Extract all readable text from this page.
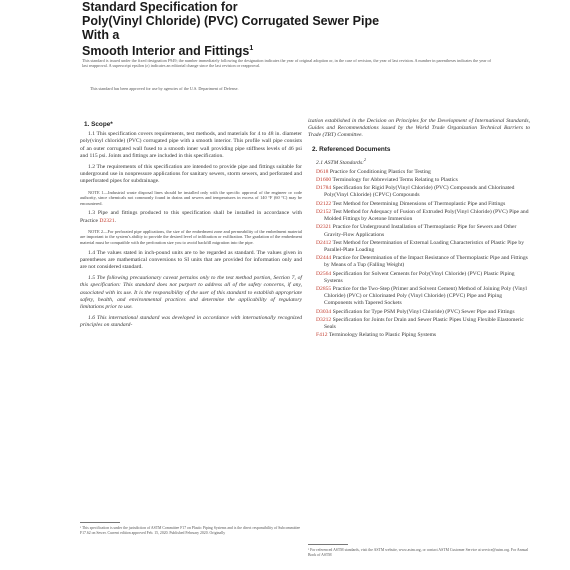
Standard Specification for
Poly(Vinyl Chloride) (PVC) Corrugated Sewer Pipe With a
Smooth Interior and Fittings$^1$
This standard is issued under the fixed designation F949; the number immediately following the designation indicates the year of original adoption or, in the case of revision, the year of last revision. A number in parentheses indicates the year of last reapproval. A superscript epsilon (ε) indicates an editorial change since the last revision or reapproval.
This standard has been approved for use by agencies of the U.S. Department of Defense.
1. Scope*

1.1 This specification covers requirements, test methods, and materials for 4 to 48 in. diameter poly(vinyl chloride) (PVC) corrugated pipe with a smooth interior. This profile wall pipe consists of an outer corrugated wall fused to a smooth inner wall providing pipe stiffness levels of 46 psi and 115 psi. Joints and fittings are included in this specification.

1.2 The requirements of this specification are intended to provide pipe and fittings suitable for underground use in nonpressure applications for sanitary sewers, storm sewers, and perforated and unperforated pipes for subdrainage.

NOTE 1—Industrial waste disposal lines should be installed only with the specific approval of the engineer or code authority, since chemicals not commonly found in drains and sewers and temperatures in excess of 140 °F (60 °C) may be encountered.

1.3 Pipe and fittings produced to this specification shall be installed in accordance with Practice D2321.

NOTE 2—For perforated pipe applications, the size of the embedment zone and permeability of the embedment material are important to the system's ability to provide the desired level of infiltration or exfiltration. The gradation of the embedment material must be compatible with the perforation size you to avoid backfill migration into the pipe.

1.4 The values stated in inch-pound units are to be regarded as standard. The values given in parentheses are mathematical conversions to SI units that are provided for information only and are not considered standard.

1.5 The following precautionary caveat pertains only to the test method portion, Section 7, of this specification: This standard does not purport to address all of the safety concerns, if any, associated with its use. It is the responsibility of the user of this standard to establish appropriate safety, health, and environmental practices and determine the applicability of regulatory limitations prior to use.

1.6 This international standard was developed in accordance with internationally recognized principles on standard-

ization established in the Decision on Principles for the Development of International Standards, Guides and Recommendations issued by the World Trade Organization Technical Barriers to Trade (TBT) Committee.

2. Referenced Documents
2.1 ASTM Standards:$^2$
D618 Practice for Conditioning Plastics for Testing
D1600 Terminology for Abbreviated Terms Relating to Plastics
D1784 Specification for Rigid Poly(Vinyl Chloride) (PVC) Compounds and Chlorinated Poly(Vinyl Chloride) (CPVC) Compounds
D2122 Test Method for Determining Dimensions of Thermoplastic Pipe and Fittings
D2152 Test Method for Adequacy of Fusion of Extruded Poly(Vinyl Chloride) (PVC) Pipe and Molded Fittings by Acetone Immersion
D2321 Practice for Underground Installation of Thermoplastic Pipe for Sewers and Other Gravity-Flow Applications
D2412 Test Method for Determination of External Loading Characteristics of Plastic Pipe by Parallel-Plate Loading
D2444 Practice for Determination of the Impact Resistance of Thermoplastic Pipe and Fittings by Means of a Tup (Falling Weight)
D2564 Specification for Solvent Cements for Poly(Vinyl Chloride) (PVC) Plastic Piping Systems
D2855 Practice for the Two-Step (Primer and Solvent Cement) Method of Joining Poly (Vinyl Chloride) (PVC) or Chlorinated Poly (Vinyl Chloride) (CPVC) Pipe and Piping Components with Tapered Sockets
D3034 Specification for Type PSM Poly(Vinyl Chloride) (PVC) Sewer Pipe and Fittings
D3212 Specification for Joints for Drain and Sewer Plastic Pipes Using Flexible Elastomeric Seals
F412 Terminology Relating to Plastic Piping Systems
¹ This specification is under the jurisdiction of ASTM Committee F17 on Plastic Piping Systems and is the direct responsibility of Subcommittee F17.62 on Sewer. Current edition approved Feb. 15, 2020. Published February 2020. Originally
² For referenced ASTM standards, visit the ASTM website, www.astm.org, or contact ASTM Customer Service at service@astm.org. For Annual Book of ASTM
